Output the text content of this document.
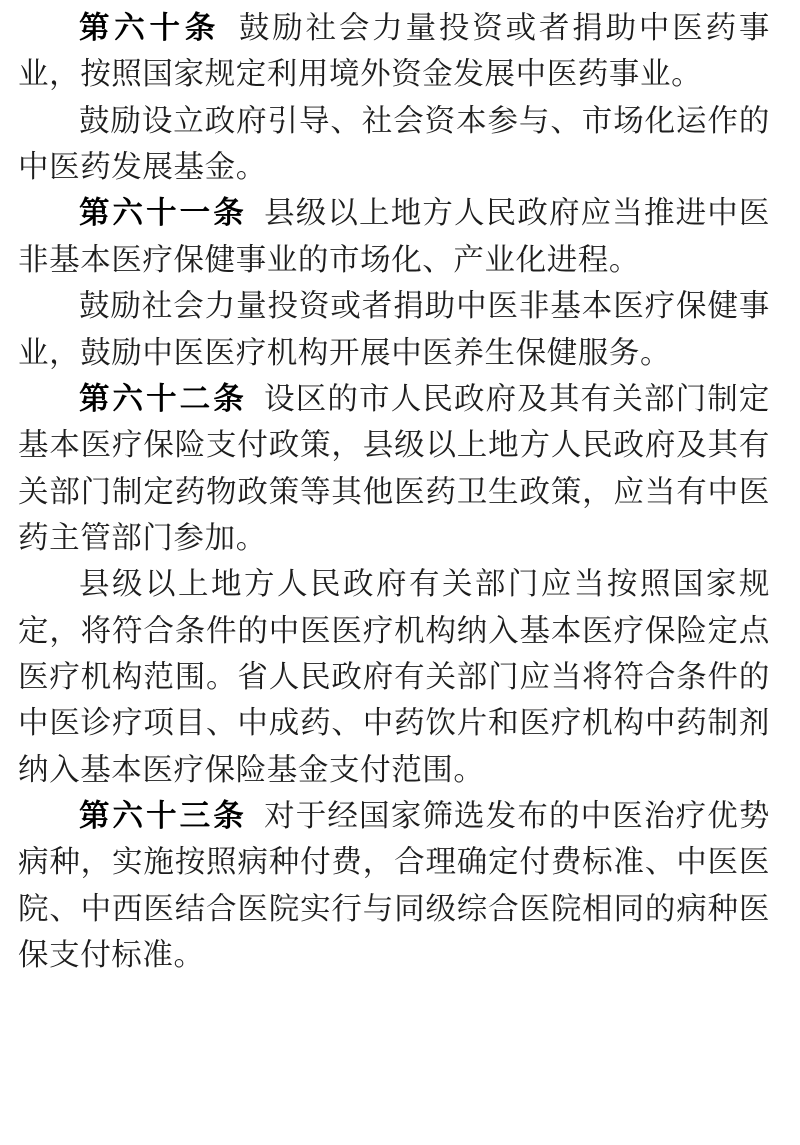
第六十条 鼓励社会力量投资或者捐助中医药事业，按照国家规定利用境外资金发展中医药事业。

鼓励设立政府引导、社会资本参与、市场化运作的中医药发展基金。

第六十一条 县级以上地方人民政府应当推进中医非基本医疗保健事业的市场化、产业化进程。

鼓励社会力量投资或者捐助中医非基本医疗保健事业，鼓励中医医疗机构开展中医养生保健服务。

第六十二条 设区的市人民政府及其有关部门制定基本医疗保险支付政策，县级以上地方人民政府及其有关部门制定药物政策等其他医药卫生政策，应当有中医药主管部门参加。

县级以上地方人民政府有关部门应当按照国家规定，将符合条件的中医医疗机构纳入基本医疗保险定点医疗机构范围。省人民政府有关部门应当将符合条件的中医诊疗项目、中成药、中药饮片和医疗机构中药制剂纳入基本医疗保险基金支付范围。

第六十三条 对于经国家筛选发布的中医治疗优势病种，实施按照病种付费，合理确定付费标准、中医医院、中西医结合医院实行与同级综合医院相同的病种医保支付标准。
